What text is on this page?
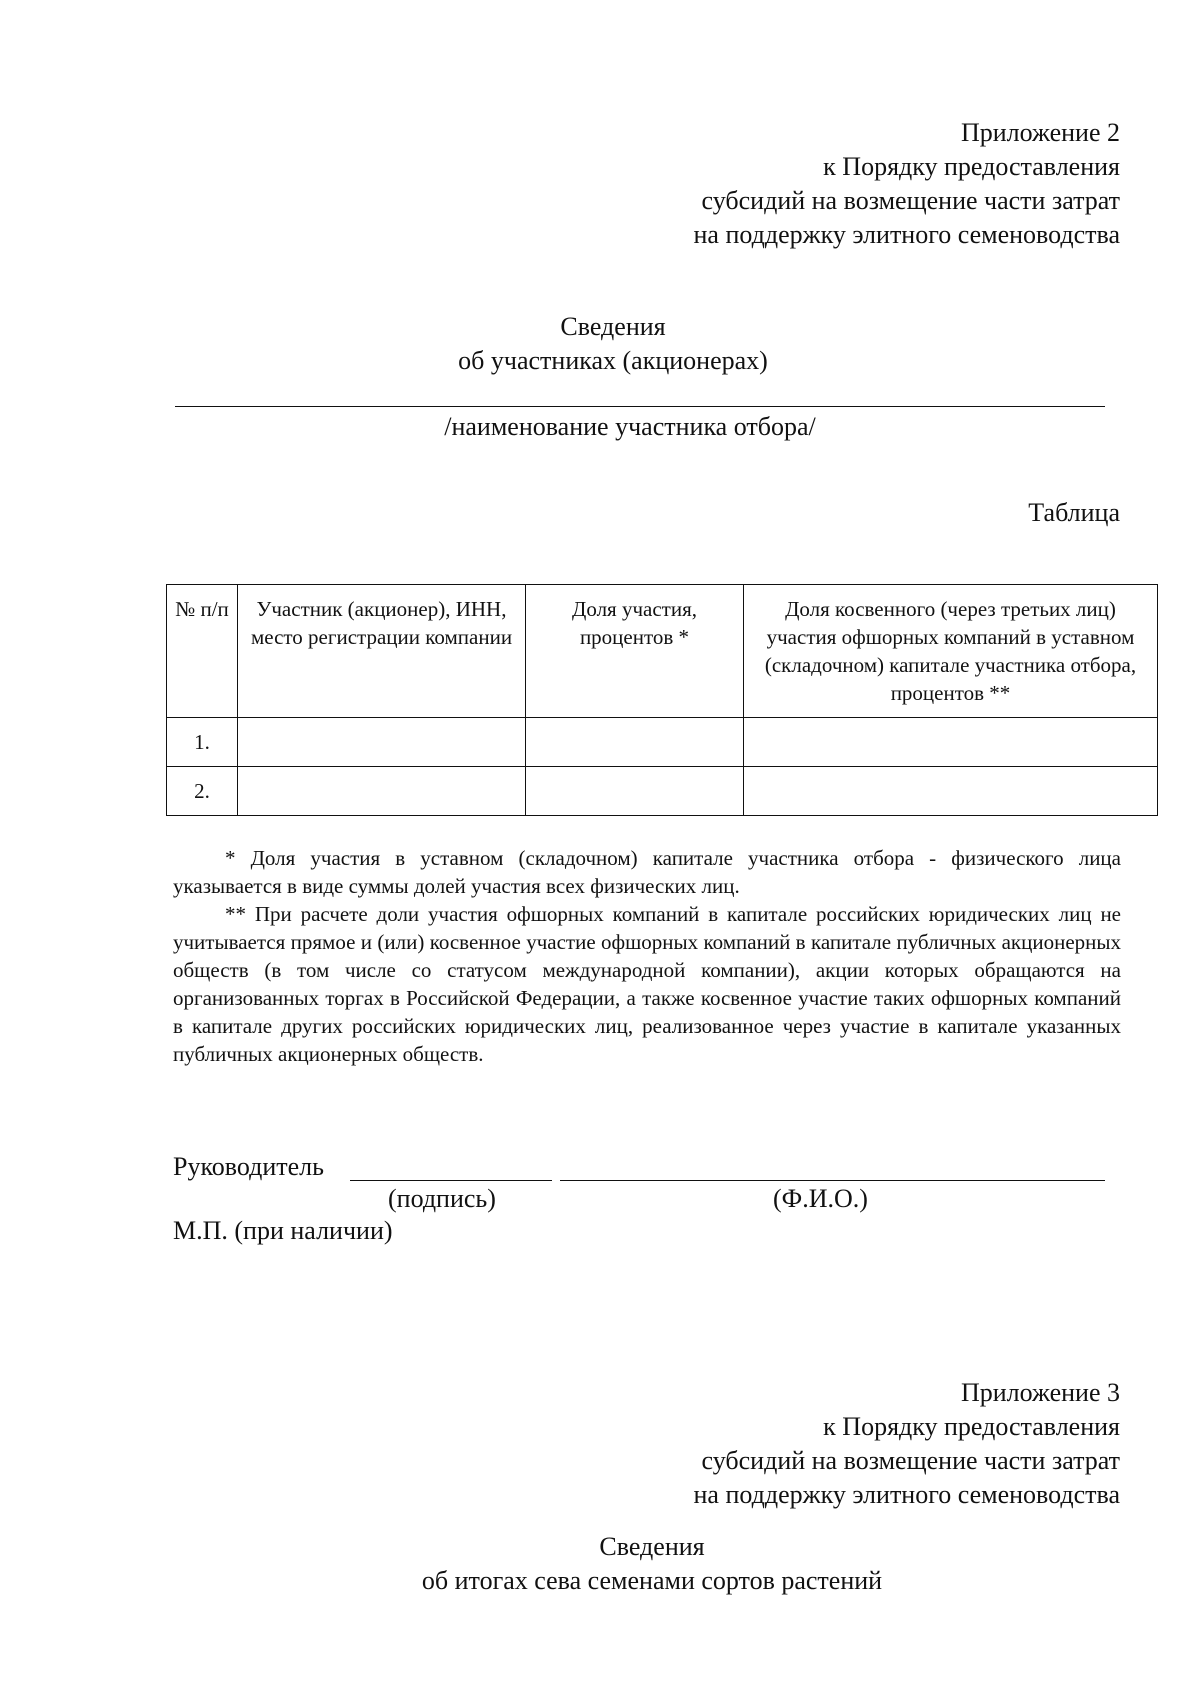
Приложение 2
к Порядку предоставления
субсидий на возмещение части затрат
на поддержку элитного семеноводства
Сведения
об участниках (акционерах)
/наименование участника отбора/
Таблица
№ п/п	Участник (акционер), ИНН, место регистрации компании	Доля участия, процентов *	Доля косвенного (через третьих лиц) участия офшорных компаний в уставном (складочном) капитале участника отбора, процентов **
1.			
2.			

* Доля участия в уставном (складочном) капитале участника отбора - физического лица указывается в виде суммы долей участия всех физических лиц.

** При расчете доли участия офшорных компаний в капитале российских юридических лиц не учитывается прямое и (или) косвенное участие офшорных компаний в капитале публичных акционерных обществ (в том числе со статусом международной компании), акции которых обращаются на организованных торгах в Российской Федерации, а также косвенное участие таких офшорных компаний в капитале других российских юридических лиц, реализованное через участие в капитале указанных публичных акционерных обществ.

Руководитель
(подпись)	(Ф.И.О.)
М.П. (при наличии)
Приложение 3
к Порядку предоставления
субсидий на возмещение части затрат
на поддержку элитного семеноводства
Сведения
об итогах сева семенами сортов растений
